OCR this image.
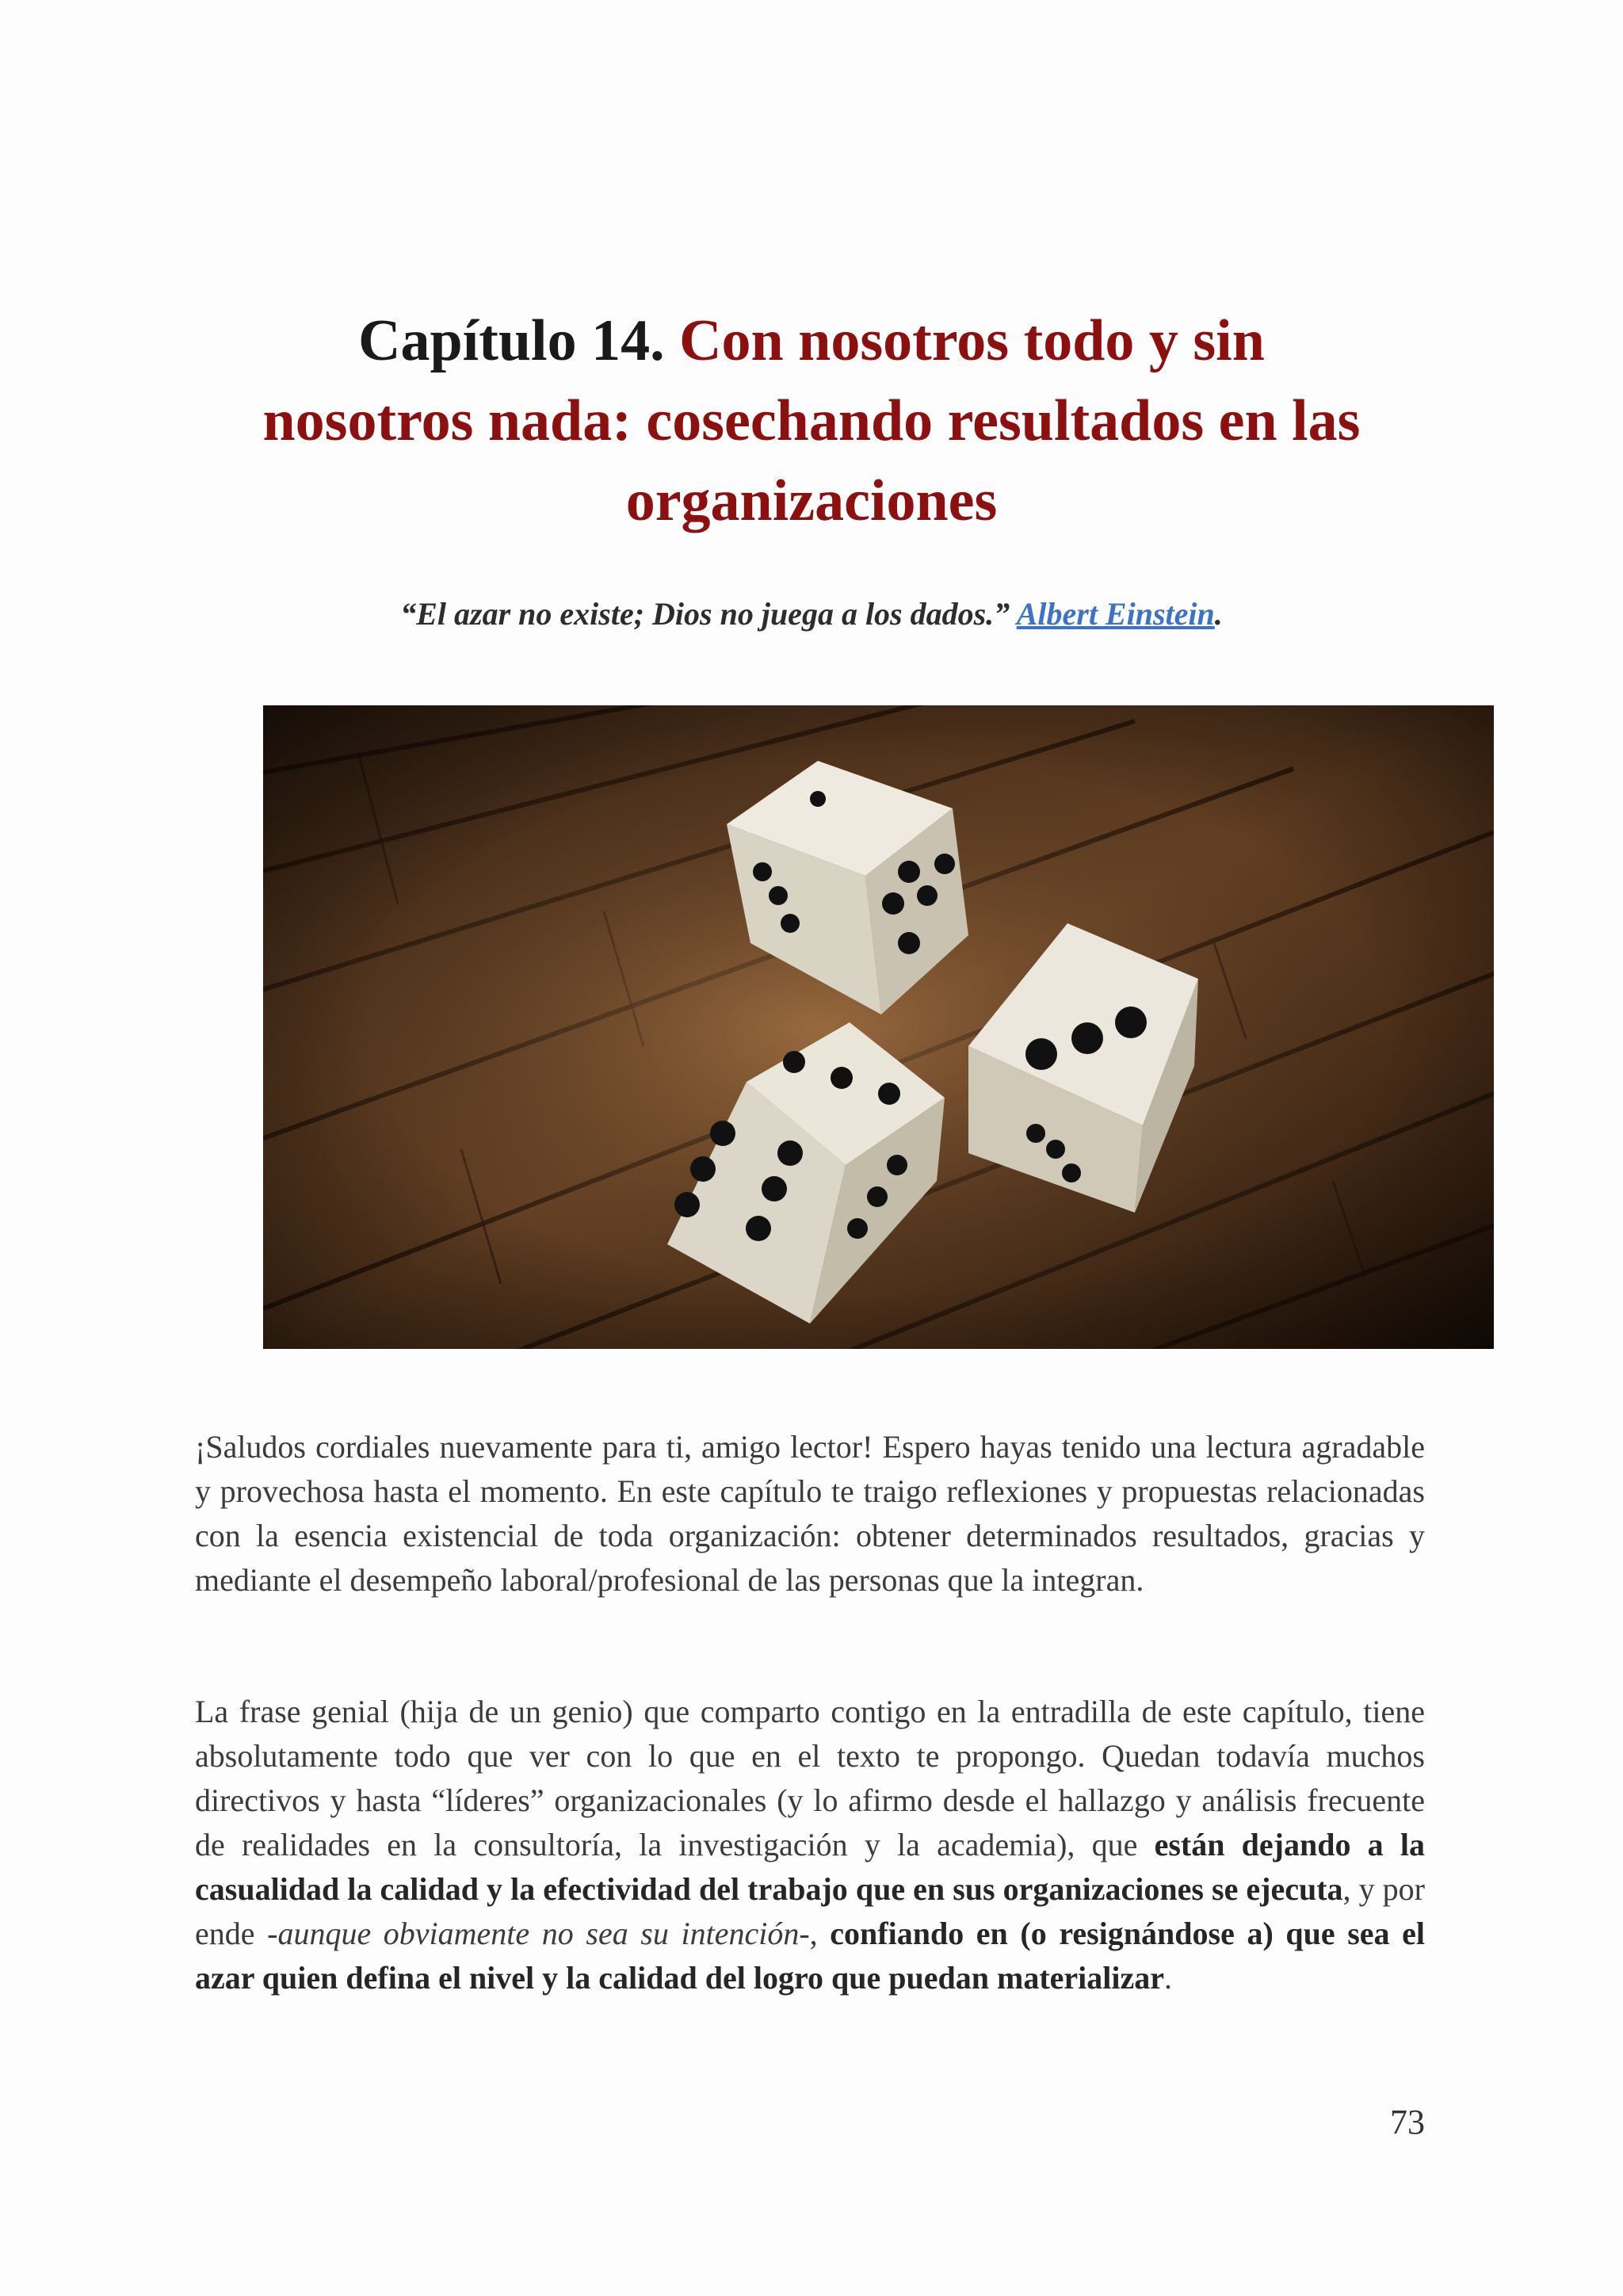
Capítulo 14. Con nosotros todo y sin
nosotros nada: cosechando resultados en las
organizaciones

“El azar no existe; Dios no juega a los dados.” Albert Einstein.

¡Saludos cordiales nuevamente para ti, amigo lector! Espero hayas tenido una lectura agradable y provechosa hasta el momento. En este capítulo te traigo reflexiones y propuestas relacionadas con la esencia existencial de toda organización: obtener determinados resultados, gracias y mediante el desempeño laboral/profesional de las personas que la integran.

La frase genial (hija de un genio) que comparto contigo en la entradilla de este capítulo, tiene absolutamente todo que ver con lo que en el texto te propongo. Quedan todavía muchos directivos y hasta “líderes” organizacionales (y lo afirmo desde el hallazgo y análisis frecuente de realidades en la consultoría, la investigación y la academia), que están dejando a la casualidad la calidad y la efectividad del trabajo que en sus organizaciones se ejecuta, y por ende -aunque obviamente no sea su intención-, confiando en (o resignándose a) que sea el azar quien defina el nivel y la calidad del logro que puedan materializar.

73
